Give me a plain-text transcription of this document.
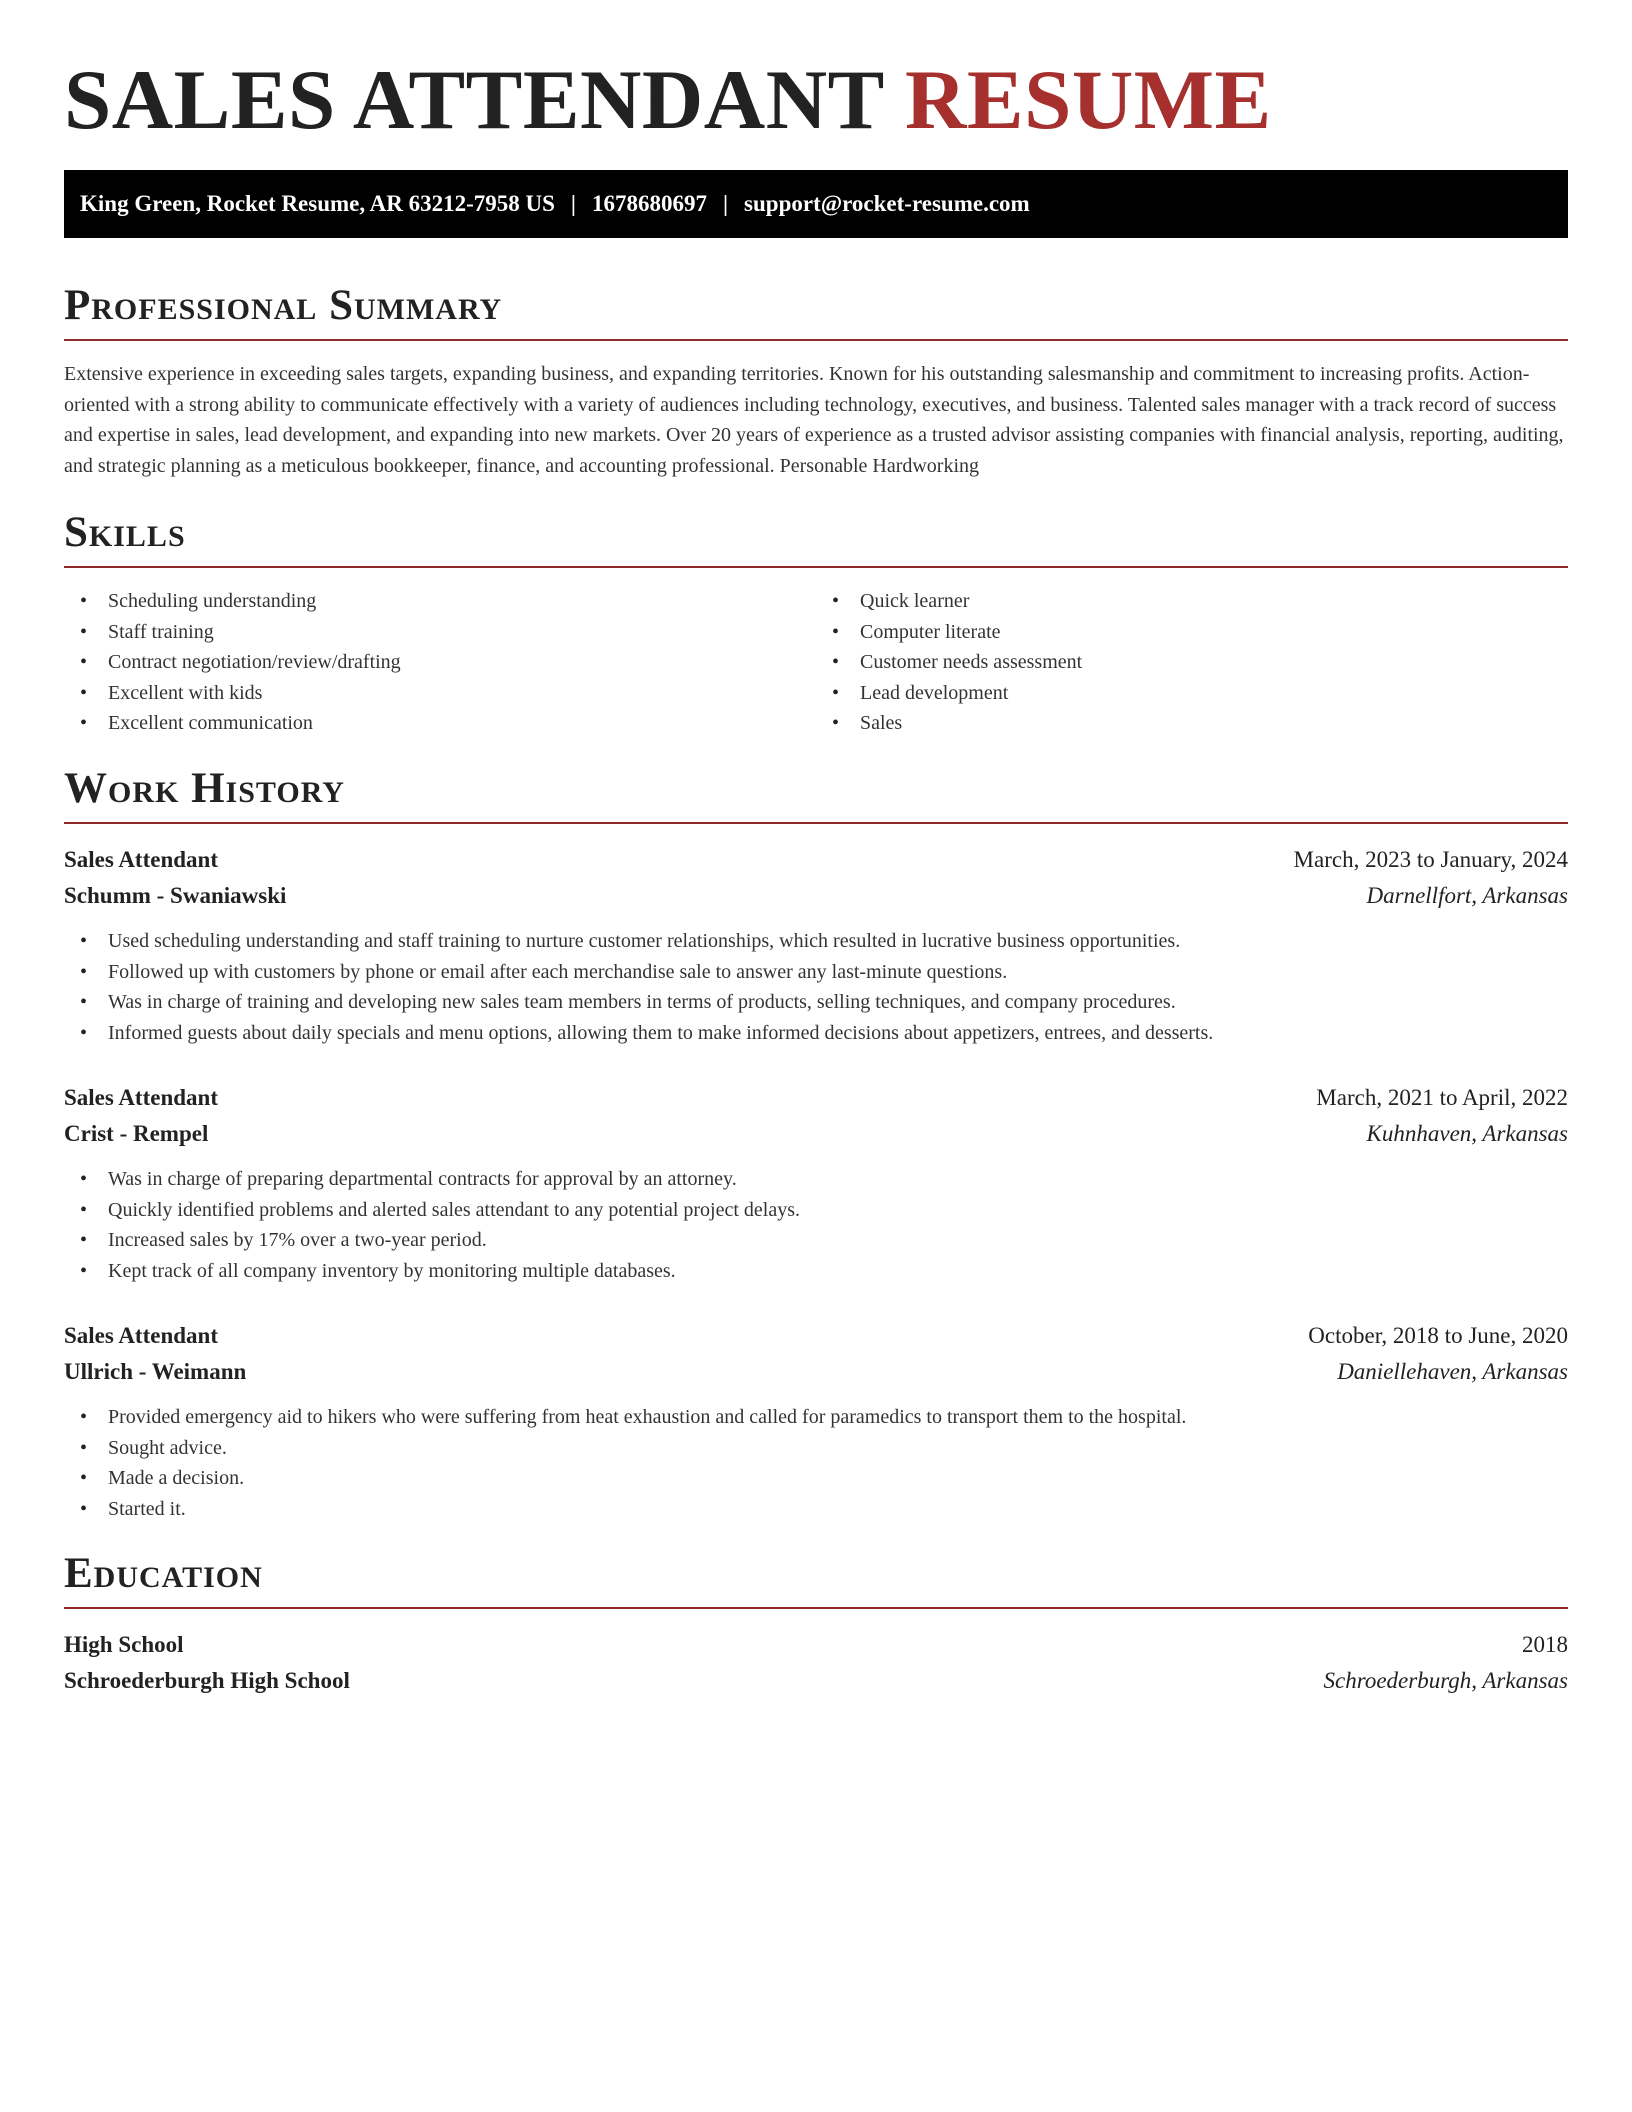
SALES ATTENDANT RESUME
King Green, Rocket Resume, AR 63212-7958 US | 1678680697 | support@rocket-resume.com
Professional Summary

Extensive experience in exceeding sales targets, expanding business, and expanding territories. Known for his outstanding salesmanship and commitment to increasing profits. Action-oriented with a strong ability to communicate effectively with a variety of audiences including technology, executives, and business. Talented sales manager with a track record of success and expertise in sales, lead development, and expanding into new markets. Over 20 years of experience as a trusted advisor assisting companies with financial analysis, reporting, auditing, and strategic planning as a meticulous bookkeeper, finance, and accounting professional. Personable Hardworking

Skills
• Scheduling understanding
• Staff training
• Contract negotiation/review/drafting
• Excellent with kids
• Excellent communication
• Quick learner
• Computer literate
• Customer needs assessment
• Lead development
• Sales
Work History
Sales Attendant	March, 2023 to January, 2024
Schumm - Swaniawski	Darnellfort, Arkansas
• Used scheduling understanding and staff training to nurture customer relationships, which resulted in lucrative business opportunities.
• Followed up with customers by phone or email after each merchandise sale to answer any last-minute questions.
• Was in charge of training and developing new sales team members in terms of products, selling techniques, and company procedures.
• Informed guests about daily specials and menu options, allowing them to make informed decisions about appetizers, entrees, and desserts.
Sales Attendant	March, 2021 to April, 2022
Crist - Rempel	Kuhnhaven, Arkansas
• Was in charge of preparing departmental contracts for approval by an attorney.
• Quickly identified problems and alerted sales attendant to any potential project delays.
• Increased sales by 17% over a two-year period.
• Kept track of all company inventory by monitoring multiple databases.
Sales Attendant	October, 2018 to June, 2020
Ullrich - Weimann	Daniellehaven, Arkansas
• Provided emergency aid to hikers who were suffering from heat exhaustion and called for paramedics to transport them to the hospital.
• Sought advice.
• Made a decision.
• Started it.
Education
High School	2018
Schroederburgh High School	Schroederburgh, Arkansas
